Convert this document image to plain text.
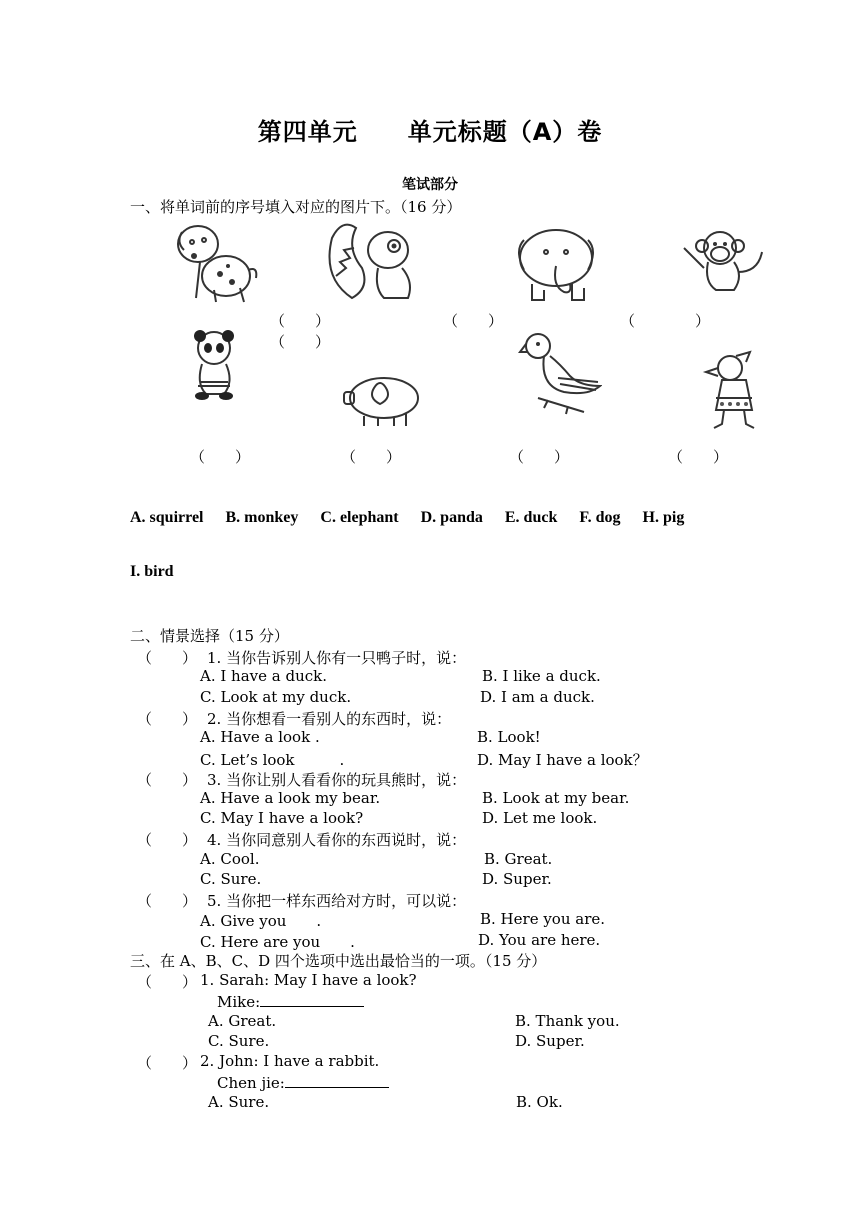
第四单元　　单元标题（A）卷
笔试部分
一、将单词前的序号填入对应的图片下。（16 分）
（　　）	（　　）	（　　　　）
（　　）
（　　）	（　　）	（　　）	（　　）
A. squirrel B. monkey C. elephant D. panda E. duck F. dog H. pig
I. bird
二、情景选择（15 分）
（　　） 1. 当你告诉别人你有一只鸭子时，说：
A. I have a duck.	B. I like a duck.
C. Look at my duck.	D. I am a duck.
（　　） 2. 当你想看一看别人的东西时，说：
A. Have a look .	B. Look!
C. Let’s look　　　.	D. May I have a look？
（　　） 3. 当你让别人看看你的玩具熊时，说：
A. Have a look my bear.	B. Look at my bear.
C. May I have a look?	D. Let me look.
（　　） 4. 当你同意别人看你的东西说时，说：
A. Cool.	B. Great.
C. Sure.	D. Super.
（　　） 5. 当你把一样东西给对方时，可以说：
A. Give you　　.	B. Here you are.
C. Here are you　　.	D. You are here.
三、在 A、B、C、D 四个选项中选出最恰当的一项。（15 分）
（　　） 1. Sarah: May I have a look?
Mike:
A. Great.	B. Thank you.
C. Sure.	D. Super.
（　　） 2. John: I have a rabbit.
Chen jie:
A. Sure.	B. Ok.
